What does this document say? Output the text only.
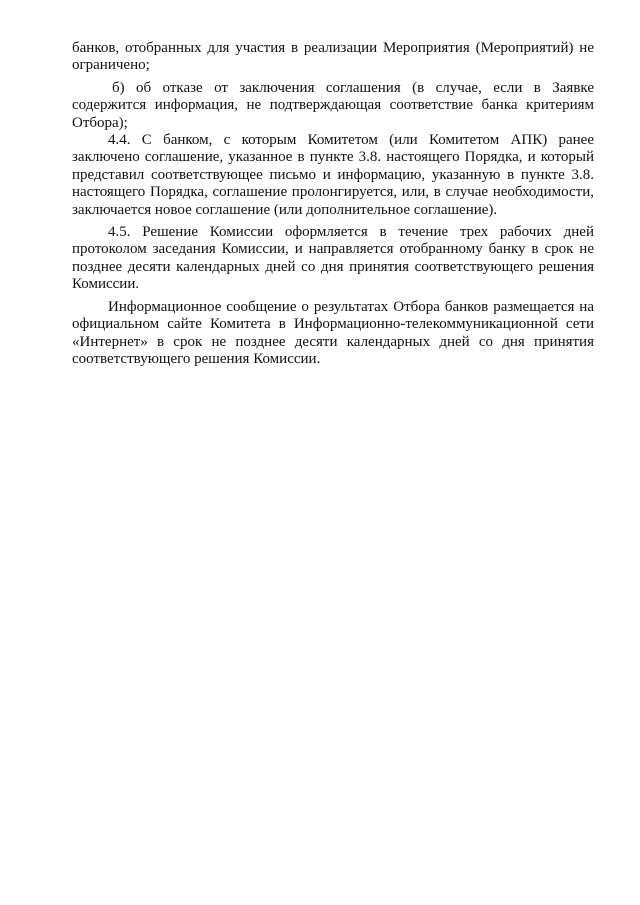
банков, отобранных для участия в реализации Мероприятия (Мероприятий) не ограничено;

б) об отказе от заключения соглашения (в случае, если в Заявке содержится информация, не подтверждающая соответствие банка критериям Отбора);

4.4. С банком, с которым Комитетом (или Комитетом АПК) ранее заключено соглашение, указанное в пункте 3.8. настоящего Порядка, и который представил соответствующее письмо и информацию, указанную в пункте 3.8. настоящего Порядка, соглашение пролонгируется, или, в случае необходимости, заключается новое соглашение (или дополнительное соглашение).

4.5. Решение Комиссии оформляется в течение трех рабочих дней протоколом заседания Комиссии, и направляется отобранному банку в срок не позднее десяти календарных дней со дня принятия соответствующего решения Комиссии.

Информационное сообщение о результатах Отбора банков размещается на официальном сайте Комитета в Информационно-телекоммуникационной сети «Интернет» в срок не позднее десяти календарных дней со дня принятия соответствующего решения Комиссии.
